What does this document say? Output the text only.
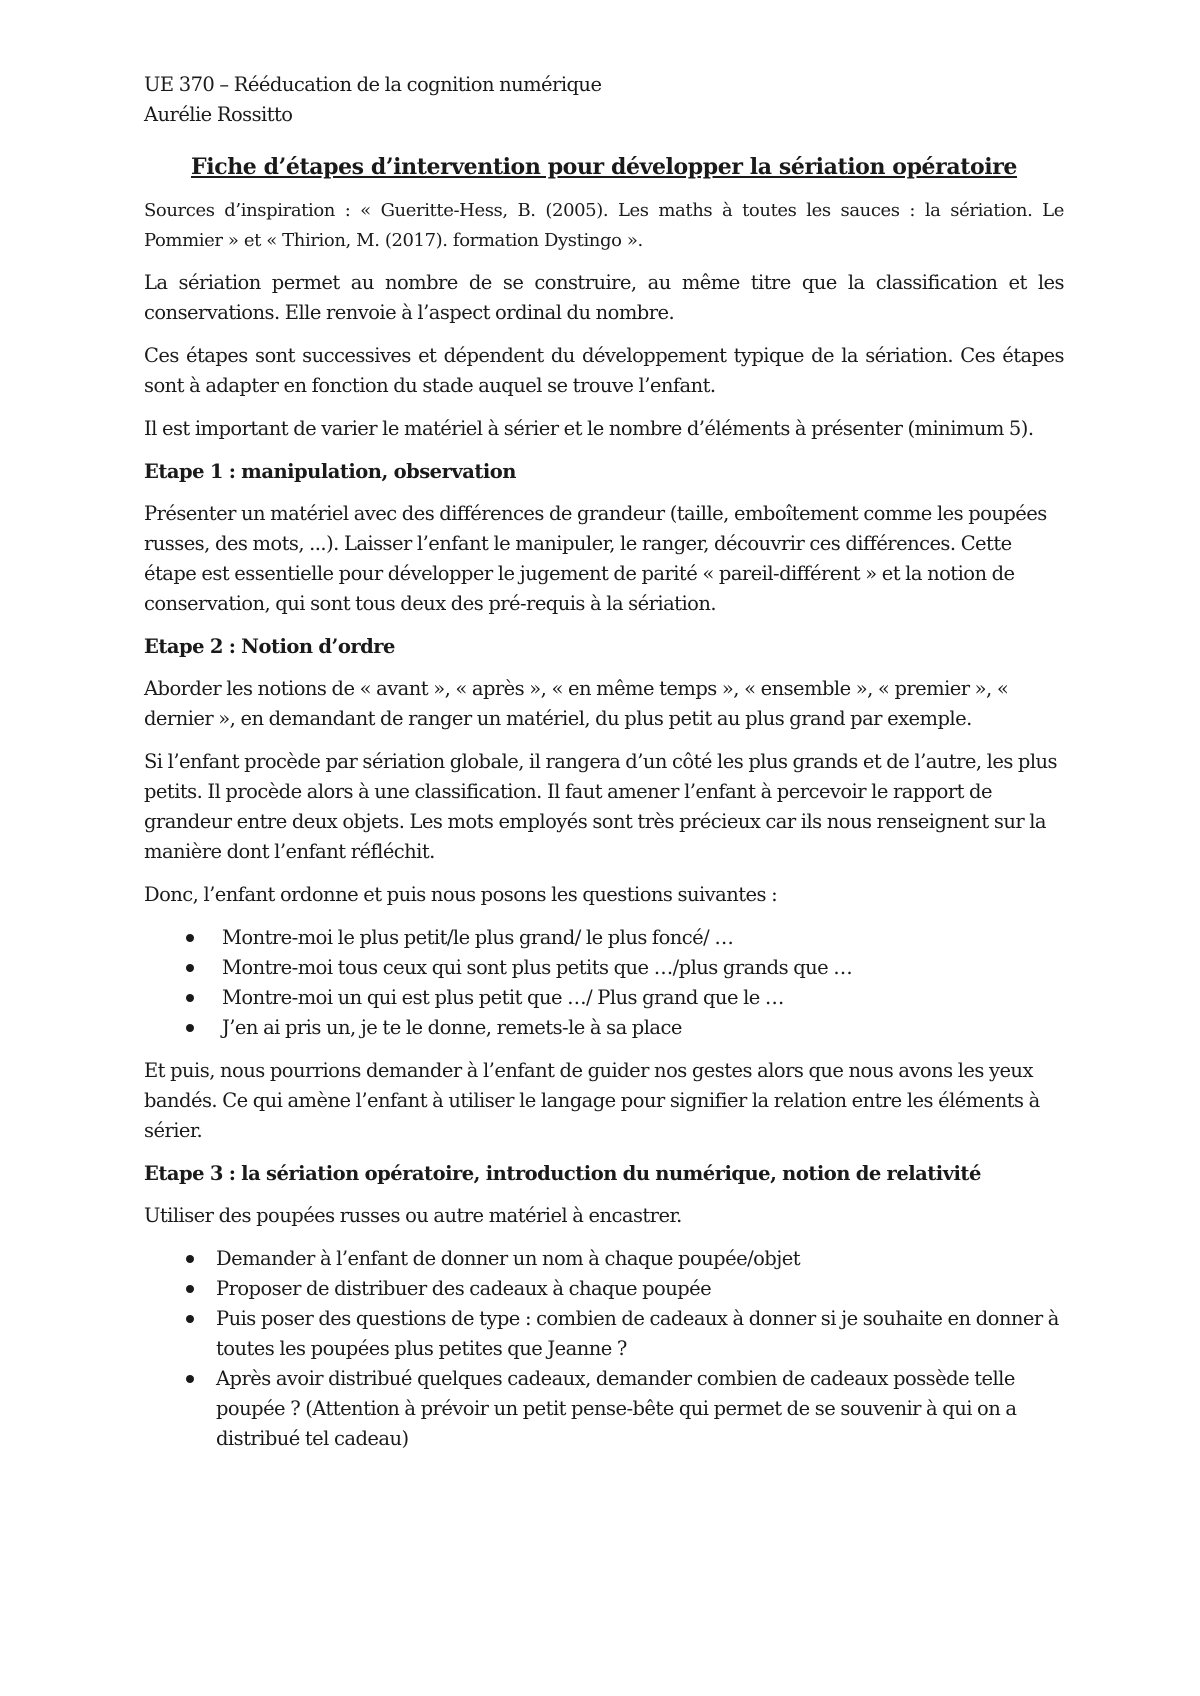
UE 370 – Rééducation de la cognition numérique

Aurélie Rossitto

Fiche d’étapes d’intervention pour développer la sériation opératoire

Sources d’inspiration : « Gueritte-Hess, B. (2005). Les maths à toutes les sauces : la sériation. Le Pommier » et « Thirion, M. (2017). formation Dystingo ».

La sériation permet au nombre de se construire, au même titre que la classification et les conservations. Elle renvoie à l’aspect ordinal du nombre.

Ces étapes sont successives et dépendent du développement typique de la sériation. Ces étapes sont à adapter en fonction du stade auquel se trouve l’enfant.

Il est important de varier le matériel à sérier et le nombre d’éléments à présenter (minimum 5).

Etape 1 : manipulation, observation

Présenter un matériel avec des différences de grandeur (taille, emboîtement comme les poupées russes, des mots, ...). Laisser l’enfant le manipuler, le ranger, découvrir ces différences. Cette étape est essentielle pour développer le jugement de parité « pareil-différent » et la notion de conservation, qui sont tous deux des pré-requis à la sériation.

Etape 2 : Notion d’ordre

Aborder les notions de « avant », « après », « en même temps », « ensemble », « premier », « dernier », en demandant de ranger un matériel, du plus petit au plus grand par exemple.

Si l’enfant procède par sériation globale, il rangera d’un côté les plus grands et de l’autre, les plus petits. Il procède alors à une classification. Il faut amener l’enfant à percevoir le rapport de grandeur entre deux objets. Les mots employés sont très précieux car ils nous renseignent sur la manière dont l’enfant réfléchit.

Donc, l’enfant ordonne et puis nous posons les questions suivantes :

Montre-moi le plus petit/le plus grand/ le plus foncé/ …
Montre-moi tous ceux qui sont plus petits que …/plus grands que …
Montre-moi un qui est plus petit que …/ Plus grand que le …
J’en ai pris un, je te le donne, remets-le à sa place

Et puis, nous pourrions demander à l’enfant de guider nos gestes alors que nous avons les yeux bandés. Ce qui amène l’enfant à utiliser le langage pour signifier la relation entre les éléments à sérier.

Etape 3 : la sériation opératoire, introduction du numérique, notion de relativité

Utiliser des poupées russes ou autre matériel à encastrer.

Demander à l’enfant de donner un nom à chaque poupée/objet
Proposer de distribuer des cadeaux à chaque poupée
Puis poser des questions de type : combien de cadeaux à donner si je souhaite en donner à toutes les poupées plus petites que Jeanne ?
Après avoir distribué quelques cadeaux, demander combien de cadeaux possède telle poupée ? (Attention à prévoir un petit pense-bête qui permet de se souvenir à qui on a distribué tel cadeau)
